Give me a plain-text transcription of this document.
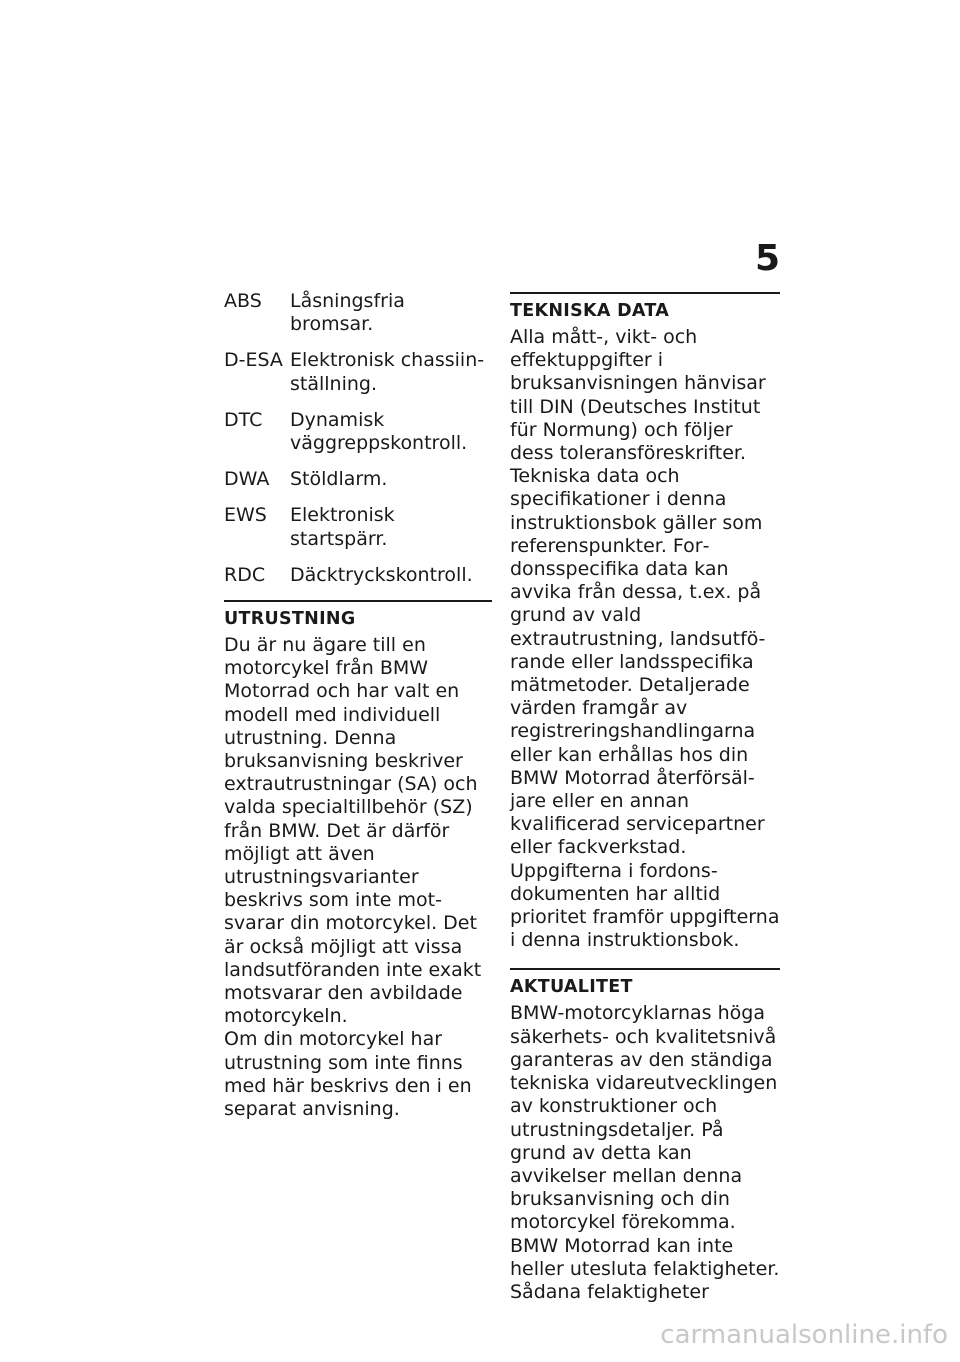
5
ABS	Låsningsfria bromsar.
D-ESA Elektronisk chassiinställning.
DTC	Dynamisk väggreppskontroll.
DWA	Stöldlarm.
EWS	Elektronisk startspärr.
RDC	Däcktryckskontroll.
UTRUSTNING

Du är nu ägare till en motorcykel från BMW Motorrad och har valt en modell med individuell utrustning. Denna bruksanvisning beskriver extrautrustningar (SA) och valda specialtillbehör (SZ) från BMW. Det är därför möjligt att även utrustningsvarianter beskrivs som inte motsvarar din motorcykel. Det är också möjligt att vissa landsutföranden inte exakt motsvarar den avbildade motorcykeln.

Om din motorcykel har utrustning som inte finns med här beskrivs den i en separat anvisning.

TEKNISKA DATA

Alla mått-, vikt- och effektuppgifter i bruksanvisningen hänvisar till DIN (Deutsches Institut für Normung) och följer dess toleransföreskrifter.

Tekniska data och specifikationer i denna instruktionsbok gäller som referenspunkter. Fordonsspecifika data kan avvika från dessa, t.ex. på grund av vald extrautrustning, landsutförande eller landsspecifika mätmetoder. Detaljerade värden framgår av registreringshandlingarna eller kan erhållas hos din BMW Motorrad återförsäljare eller en annan kvalificerad servicepartner eller fackverkstad. Uppgifterna i fordonsdokumenten har alltid prioritet framför uppgifterna i denna instruktionsbok.

AKTUALITET

BMW-motorcyklarnas höga säkerhets- och kvalitetsnivå garanteras av den ständiga tekniska vidareutvecklingen av konstruktioner och utrustningsdetaljer. På grund av detta kan avvikelser mellan denna bruksanvisning och din motorcykel förekomma. BMW Motorrad kan inte heller utesluta felaktigheter. Sådana felaktigheter

carmanualsonline.info
